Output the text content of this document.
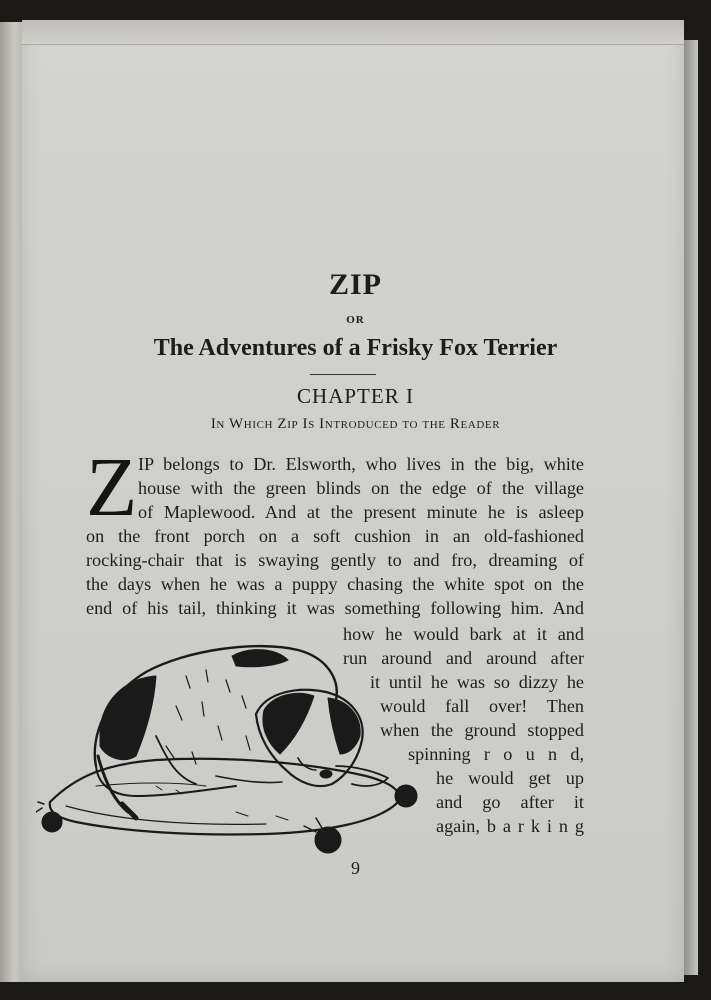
ZIP
OR
The Adventures of a Frisky Fox Terrier
CHAPTER I
In Which Zip Is Introduced to the Reader
Z IP belongs to Dr. Elsworth, who lives in the big, white
house with the green blinds on the edge of the village
of Maplewood. And at the present minute he is asleep
on the front porch on a soft cushion in an old-fashioned
rocking-chair that is swaying gently to and fro, dreaming of
the days when he was a puppy chasing the white spot on the
end of his tail, thinking it was something following him. And
how he would bark at it and
run around and around after
it until he was so dizzy he
would fall over! Then
when the ground stopped
spinning r o u n d,
he would get up
and go after it
again, b a r k i n g
9
